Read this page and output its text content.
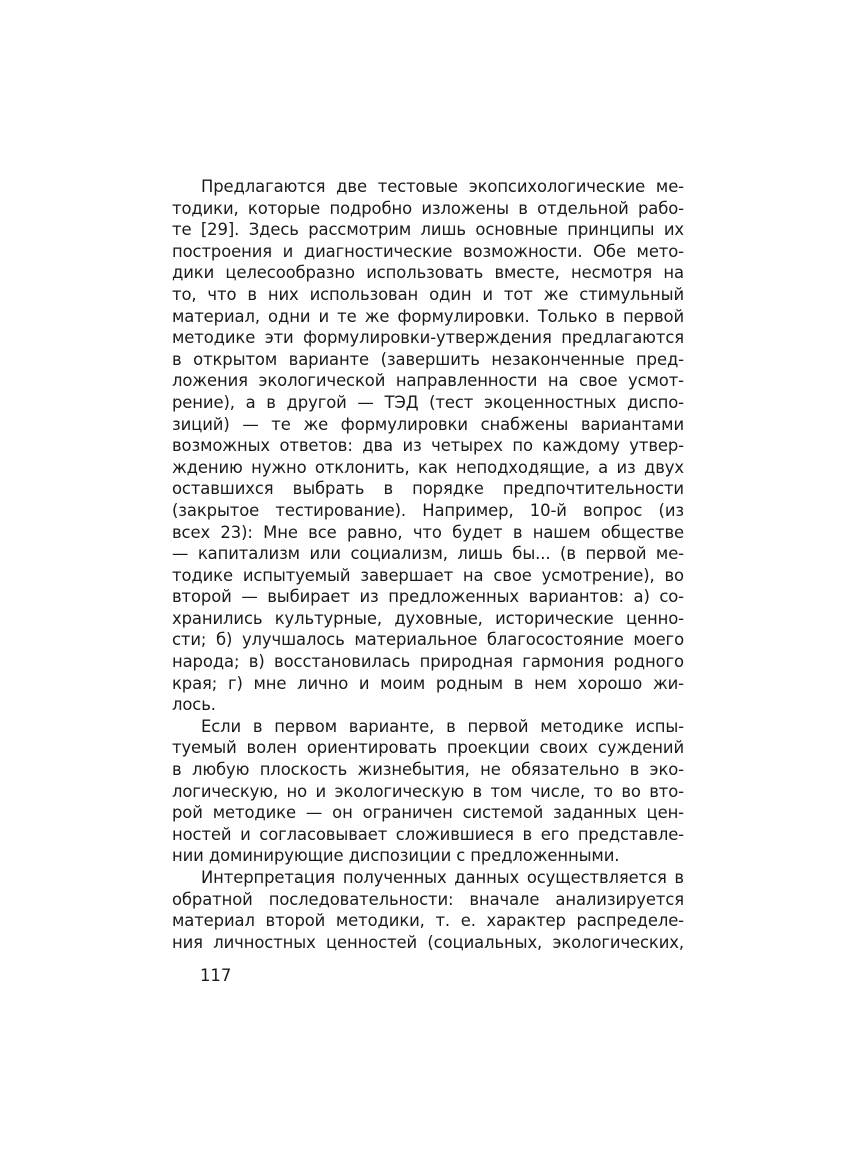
Предлагаются две тестовые экопсихологические ме-
тодики, которые подробно изложены в отдельной рабо-
те [29]. Здесь рассмотрим лишь основные принципы их
построения и диагностические возможности. Обе мето-
дики целесообразно использовать вместе, несмотря на
то, что в них использован один и тот же стимульный
материал, одни и те же формулировки. Только в первой
методике эти формулировки-утверждения предлагаются
в открытом варианте (завершить незаконченные пред-
ложения экологической направленности на свое усмот-
рение), а в другой — ТЭД (тест экоценностных диспо-
зиций) — те же формулировки снабжены вариантами
возможных ответов: два из четырех по каждому утвер-
ждению нужно отклонить, как неподходящие, а из двух
оставшихся выбрать в порядке предпочтительности
(закрытое тестирование). Например, 10-й вопрос (из
всех 23): Мне все равно, что будет в нашем обществе
— капитализм или социализм, лишь бы... (в первой ме-
тодике испытуемый завершает на свое усмотрение), во
второй — выбирает из предложенных вариантов: а) со-
хранились культурные, духовные, исторические ценно-
сти; б) улучшалось материальное благосостояние моего
народа; в) восстановилась природная гармония родного
края; г) мне лично и моим родным в нем хорошо жи-
лось.
Если в первом варианте, в первой методике испы-
туемый волен ориентировать проекции своих суждений
в любую плоскость жизнебытия, не обязательно в эко-
логическую, но и экологическую в том числе, то во вто-
рой методике — он ограничен системой заданных цен-
ностей и согласовывает сложившиеся в его представле-
нии доминирующие диспозиции с предложенными.
Интерпретация полученных данных осуществляется в
обратной последовательности: вначале анализируется
материал второй методики, т. е. характер распределе-
ния личностных ценностей (социальных, экологических,
117
